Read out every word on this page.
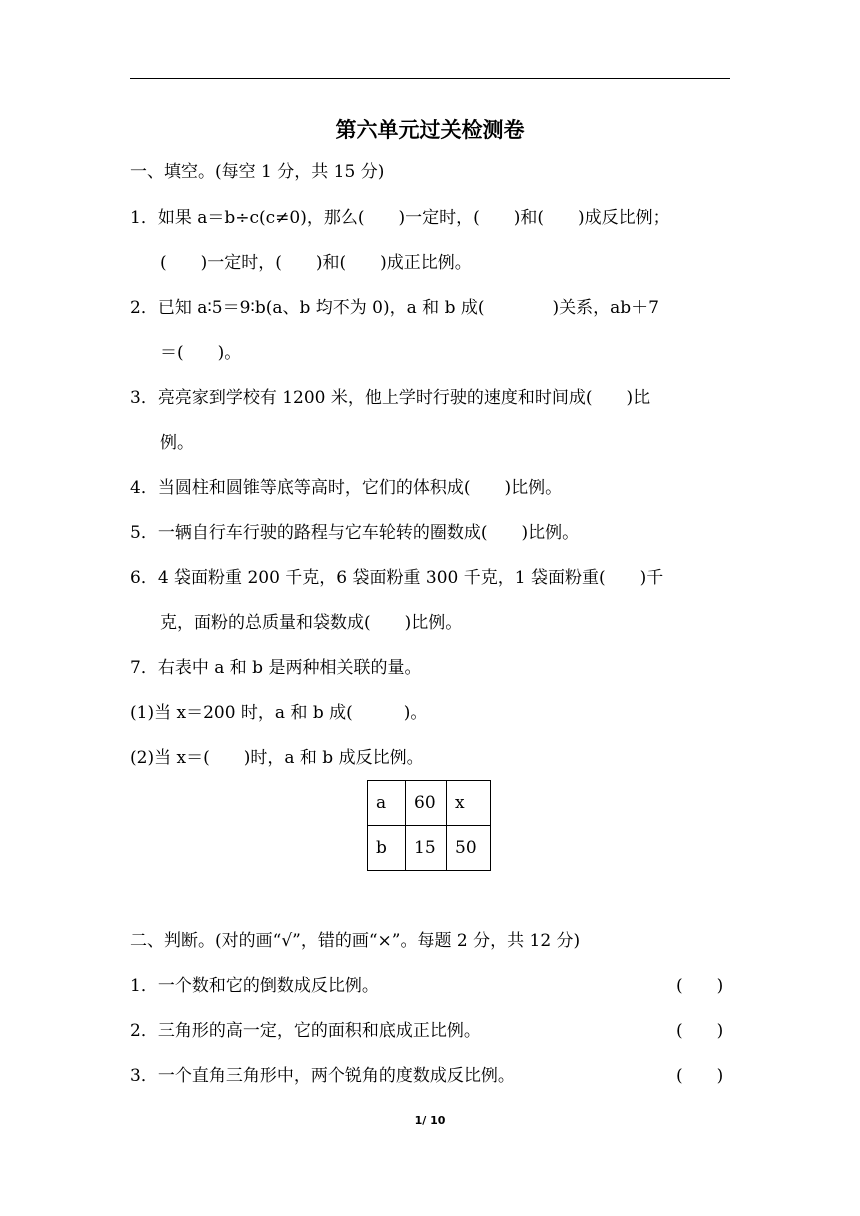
第六单元过关检测卷
一、填空。(每空 1 分，共 15 分)
1．如果 a＝b÷c(c≠0)，那么(　　)一定时，(　　)和(　　)成反比例；
(　　)一定时，(　　)和(　　)成正比例。
2．已知 a∶5＝9∶b(a、b 均不为 0)，a 和 b 成(　　　　)关系，ab＋7
＝(　　)。
3．亮亮家到学校有 1200 米，他上学时行驶的速度和时间成(　　)比
例。
4．当圆柱和圆锥等底等高时，它们的体积成(　　)比例。
5．一辆自行车行驶的路程与它车轮转的圈数成(　　)比例。
6．4 袋面粉重 200 千克，6 袋面粉重 300 千克，1 袋面粉重(　　)千
克，面粉的总质量和袋数成(　　)比例。
7．右表中 a 和 b 是两种相关联的量。
(1)当 x＝200 时，a 和 b 成(　　　)。
(2)当 x＝(　　)时，a 和 b 成反比例。
a	60	x
b	15	50
二、判断。(对的画“√”，错的画“×”。每题 2 分，共 12 分)
1．一个数和它的倒数成反比例。	(　　)
2．三角形的高一定，它的面积和底成正比例。	(　　)
3．一个直角三角形中，两个锐角的度数成反比例。	(　　)
1/ 10
